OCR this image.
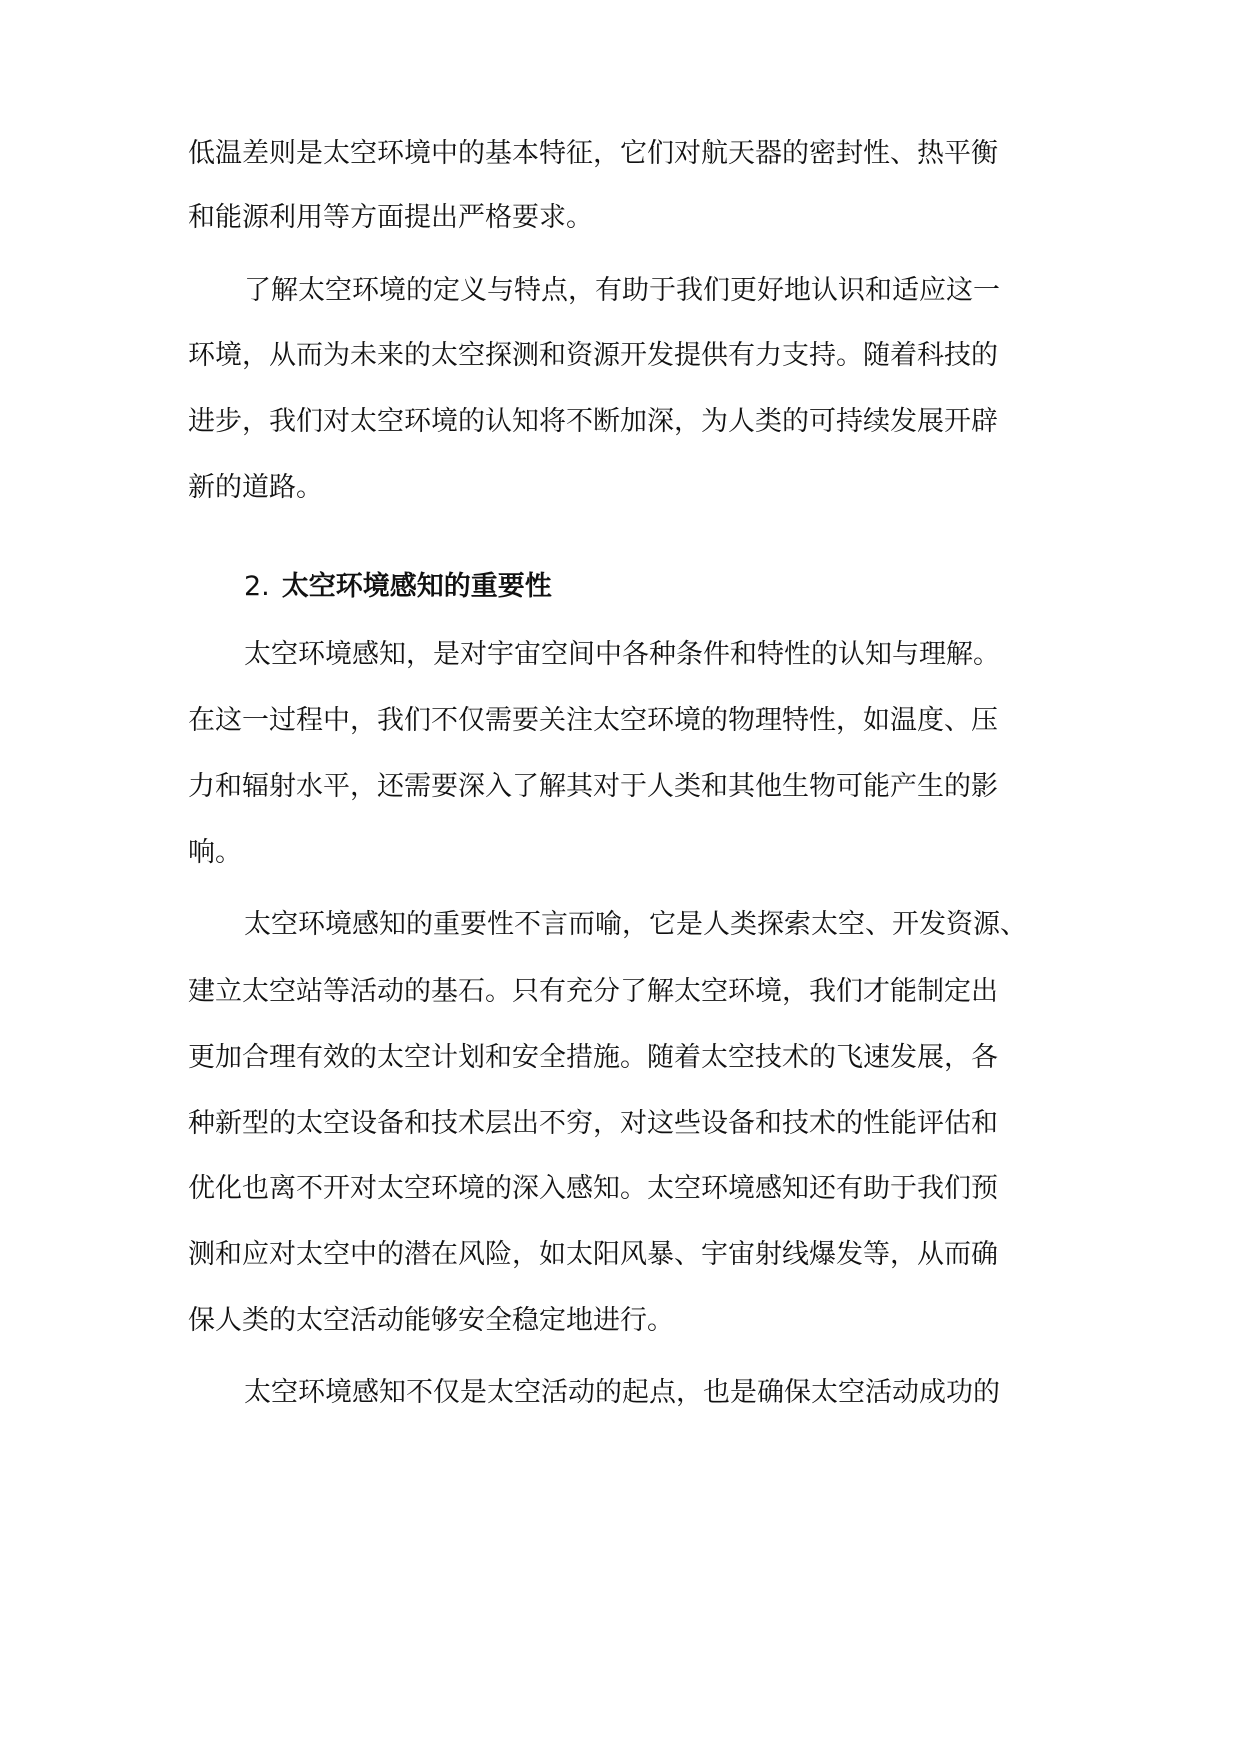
低温差则是太空环境中的基本特征，它们对航天器的密封性、热平衡
和能源利用等方面提出严格要求。
了解太空环境的定义与特点，有助于我们更好地认识和适应这一
环境，从而为未来的太空探测和资源开发提供有力支持。随着科技的
进步，我们对太空环境的认知将不断加深，为人类的可持续发展开辟
新的道路。
2. 太空环境感知的重要性
太空环境感知，是对宇宙空间中各种条件和特性的认知与理解。
在这一过程中，我们不仅需要关注太空环境的物理特性，如温度、压
力和辐射水平，还需要深入了解其对于人类和其他生物可能产生的影
响。
太空环境感知的重要性不言而喻，它是人类探索太空、开发资源、
建立太空站等活动的基石。只有充分了解太空环境，我们才能制定出
更加合理有效的太空计划和安全措施。随着太空技术的飞速发展，各
种新型的太空设备和技术层出不穷，对这些设备和技术的性能评估和
优化也离不开对太空环境的深入感知。太空环境感知还有助于我们预
测和应对太空中的潜在风险，如太阳风暴、宇宙射线爆发等，从而确
保人类的太空活动能够安全稳定地进行。
太空环境感知不仅是太空活动的起点，也是确保太空活动成功的
